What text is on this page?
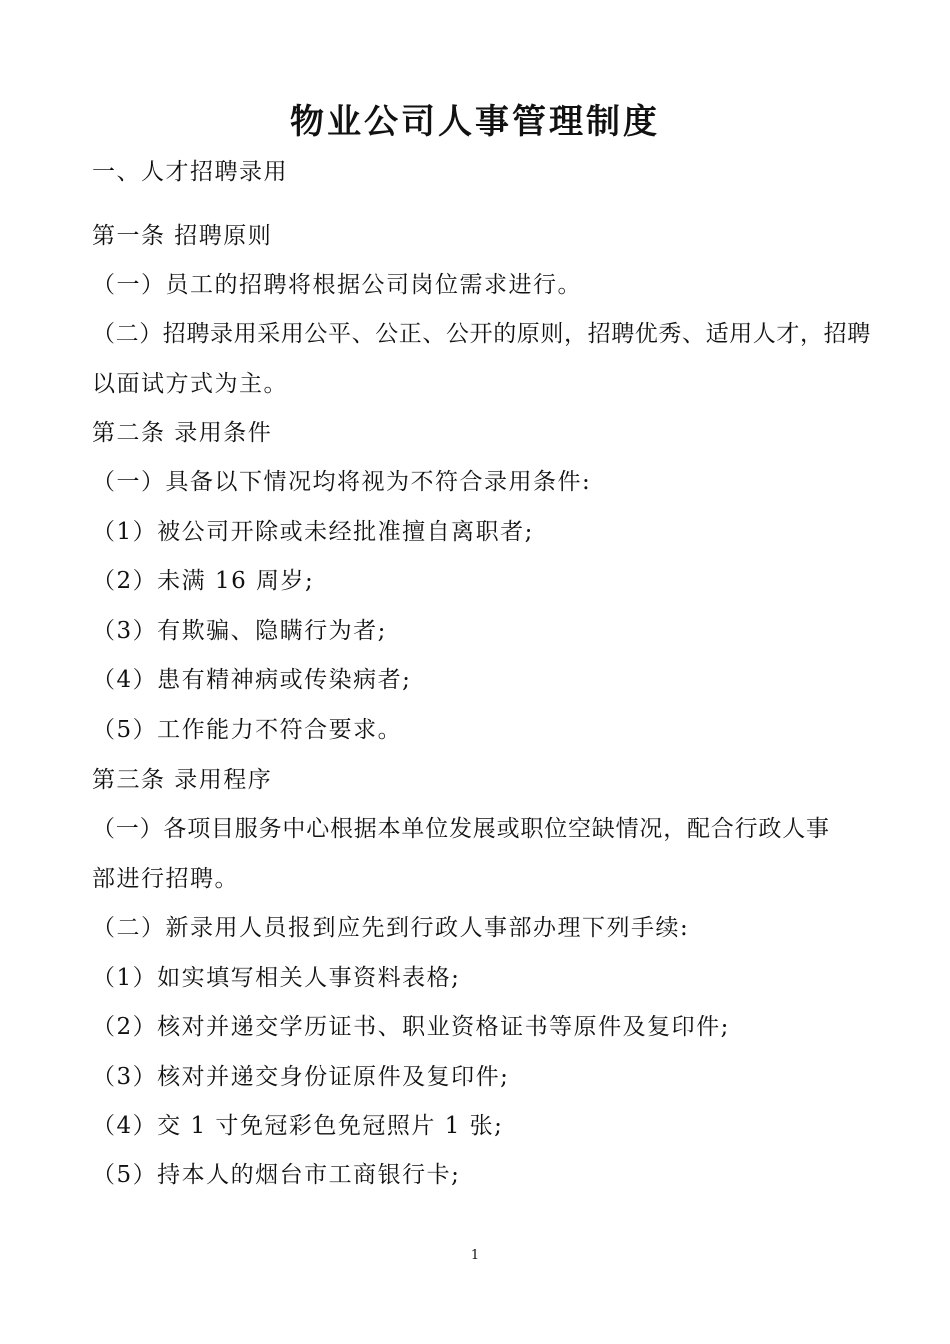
物业公司人事管理制度
一、人才招聘录用
第一条 招聘原则
（一）员工的招聘将根据公司岗位需求进行。
（二）招聘录用采用公平、公正、公开的原则，招聘优秀、适用人才，招聘
以面试方式为主。
第二条 录用条件
（一）具备以下情况均将视为不符合录用条件:
（1）被公司开除或未经批准擅自离职者;
（2）未满 16 周岁;
（3）有欺骗、隐瞒行为者;
（4）患有精神病或传染病者;
（5）工作能力不符合要求。
第三条 录用程序
（一）各项目服务中心根据本单位发展或职位空缺情况，配合行政人事
部进行招聘。
（二）新录用人员报到应先到行政人事部办理下列手续:
（1）如实填写相关人事资料表格;
（2）核对并递交学历证书、职业资格证书等原件及复印件;
（3）核对并递交身份证原件及复印件;
（4）交 1 寸免冠彩色免冠照片 1 张;
（5）持本人的烟台市工商银行卡;
1
